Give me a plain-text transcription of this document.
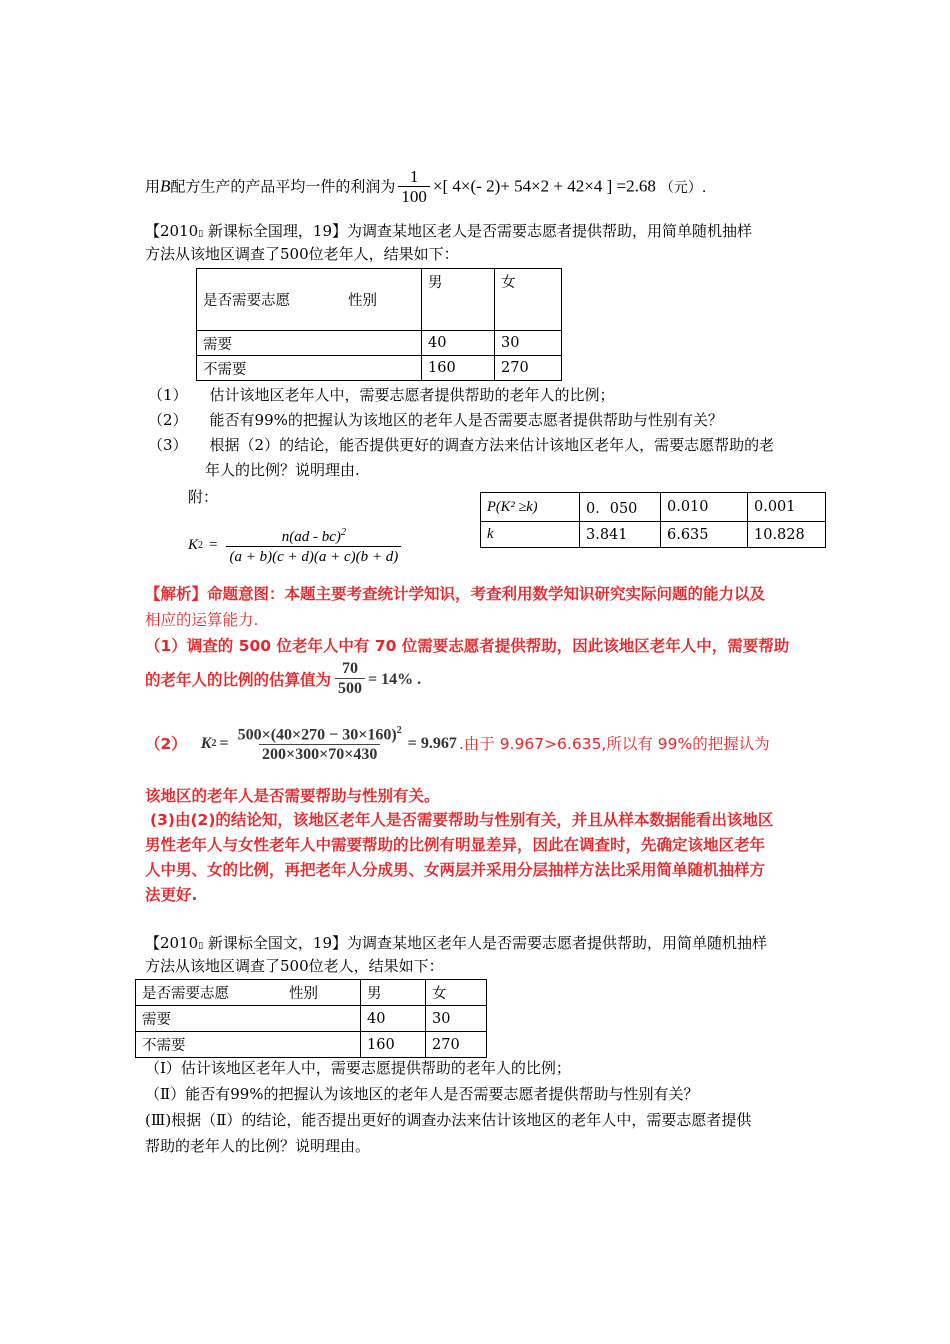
用B配方生产的产品平均一件的利润为 $\frac{1}{100}$ ×[ 4×(- 2)+ 54×2 + 42×4 ] =2.68 （元）.
【2010▯ 新课标全国理，19】为调查某地区老人是否需要志愿者提供帮助，用简单随机抽样
方法从该地区调查了500位老年人，结果如下：
是否需要志愿 性别	男	女
需要	40	30
不需要	160	270
（1） 估计该地区老年人中，需要志愿者提供帮助的老年人的比例；
（2） 能否有99%的把握认为该地区的老年人是否需要志愿者提供帮助与性别有关？
（3） 根据（2）的结论，能否提供更好的调查方法来估计该地区老年人，需要志愿帮助的老
年人的比例？说明理由.
附：
K $2 = \frac{n(ad - bc)^2}{(a + b)(c + d)(a + c)(b + d)}$
P(K² ≥k)	0．050	0.010	0.001
k	3.841	6.635	10.828
【解析】命题意图：本题主要考查统计学知识，考查利用数学知识研究实际问题的能力以及
相应的运算能力.
（1）调查的 500 位老年人中有 70 位需要志愿者提供帮助，因此该地区老年人中，需要帮助
的老年人的比例的估算值为 $\frac{70}{500} = 14\%$ .
（2） K $2 = \frac{500\times(40\times 270 - 30\times 160)^2}{200\times 300\times 70\times 430} = 9.967$ .由于 9.967>6.635,所以有 99%的把握认为
该地区的老年人是否需要帮助与性别有关。
(3)由(2)的结论知，该地区老年人是否需要帮助与性别有关，并且从样本数据能看出该地区
男性老年人与女性老年人中需要帮助的比例有明显差异，因此在调查时，先确定该地区老年
人中男、女的比例，再把老年人分成男、女两层并采用分层抽样方法比采用简单随机抽样方
法更好.
【2010▯ 新课标全国文，19】为调查某地区老年人是否需要志愿者提供帮助，用简单随机抽样
方法从该地区调查了500位老人，结果如下：
是否需要志愿 性别	男	女
需要	40	30
不需要	160	270
（Ⅰ）估计该地区老年人中，需要志愿提供帮助的老年人的比例；
（Ⅱ）能否有99%的把握认为该地区的老年人是否需要志愿者提供帮助与性别有关？
(Ⅲ)根据（Ⅱ）的结论，能否提出更好的调查办法来估计该地区的老年人中，需要志愿者提供
帮助的老年人的比例？说明理由。
